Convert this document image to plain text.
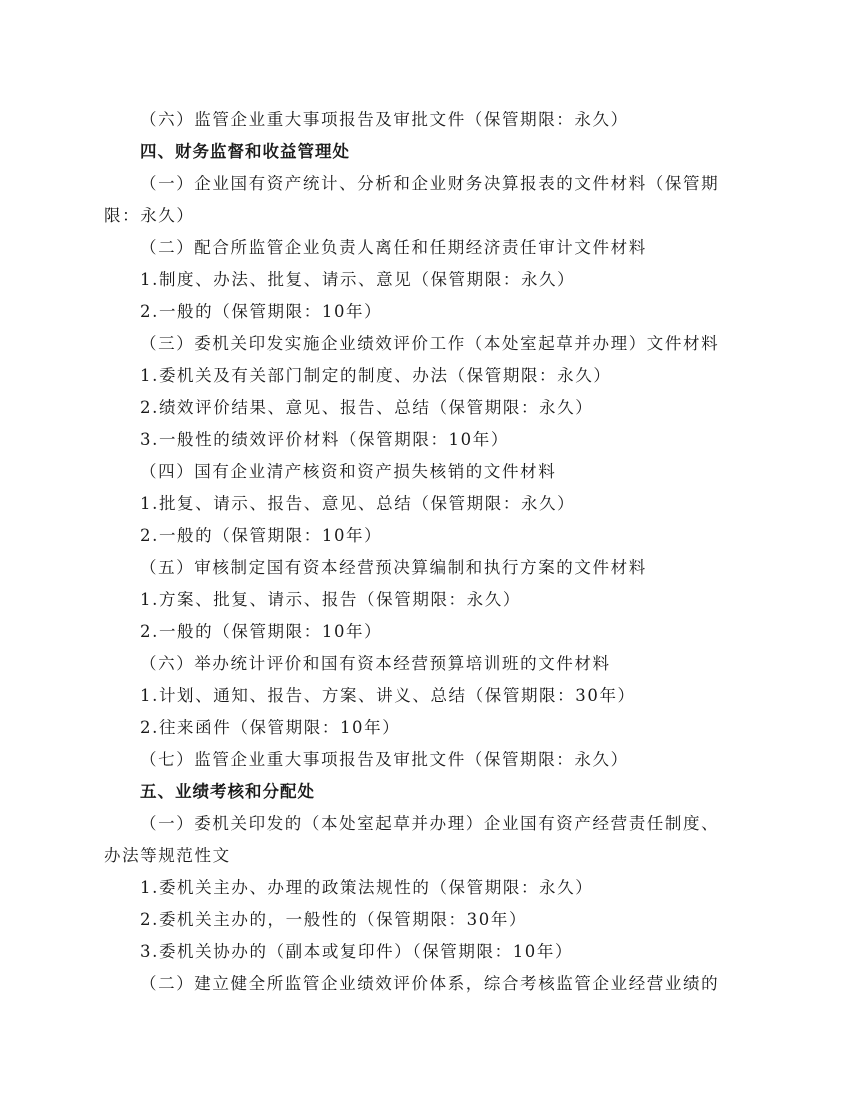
（六）监管企业重大事项报告及审批文件（保管期限：永久）

四、财务监督和收益管理处

（一）企业国有资产统计、分析和企业财务决算报表的文件材料（保管期

限：永久）

（二）配合所监管企业负责人离任和任期经济责任审计文件材料

1.制度、办法、批复、请示、意见（保管期限：永久）

2.一般的（保管期限：10年）

（三）委机关印发实施企业绩效评价工作（本处室起草并办理）文件材料

1.委机关及有关部门制定的制度、办法（保管期限：永久）

2.绩效评价结果、意见、报告、总结（保管期限：永久）

3.一般性的绩效评价材料（保管期限：10年）

（四）国有企业清产核资和资产损失核销的文件材料

1.批复、请示、报告、意见、总结（保管期限：永久）

2.一般的（保管期限：10年）

（五）审核制定国有资本经营预决算编制和执行方案的文件材料

1.方案、批复、请示、报告（保管期限：永久）

2.一般的（保管期限：10年）

（六）举办统计评价和国有资本经营预算培训班的文件材料

1.计划、通知、报告、方案、讲义、总结（保管期限：30年）

2.往来函件（保管期限：10年）

（七）监管企业重大事项报告及审批文件（保管期限：永久）

五、业绩考核和分配处

（一）委机关印发的（本处室起草并办理）企业国有资产经营责任制度、

办法等规范性文

1.委机关主办、办理的政策法规性的（保管期限：永久）

2.委机关主办的，一般性的（保管期限：30年）

3.委机关协办的（副本或复印件）（保管期限：10年）

（二）建立健全所监管企业绩效评价体系，综合考核监管企业经营业绩的
